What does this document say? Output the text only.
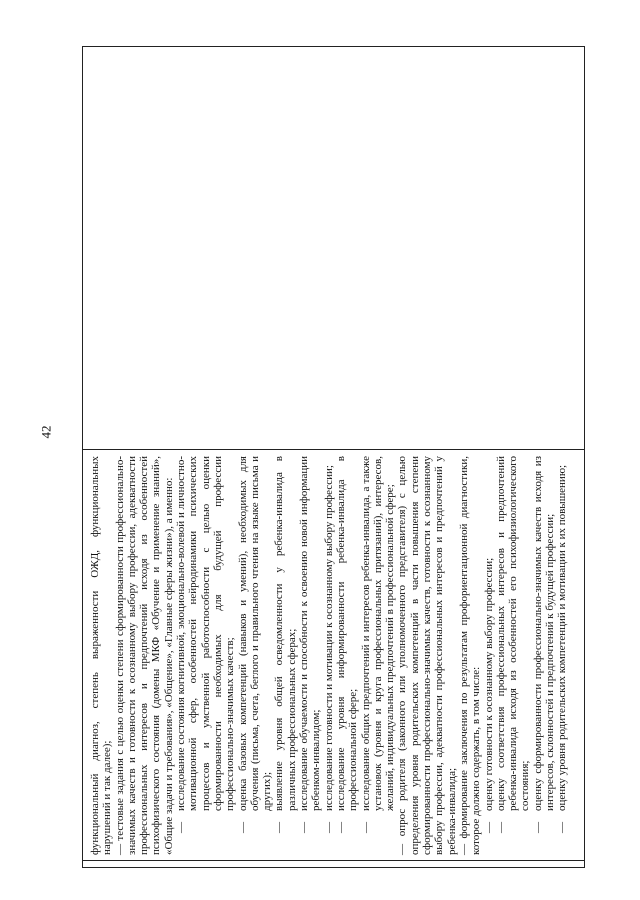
42

функциональный диагноз, степень выраженности ОЖД, функциональных нарушений и так далее); — тестовые задания с целью оценки степени сформированности профессионально-значимых качеств и готовности к осознанному выбору профессии, адекватности профессиональных интересов и предпочтений исходя из особенностей психофизического состояния (домены МКФ «Обучение и применение знаний», «Общие задачи и требования», «Общение», «Главные сферы жизни»), а именно: —
исследование состояния когнитивной, эмоционально-волевой и личностно-мотивационной сфер, особенностей нейродинамики психических процессов и умственной работоспособности с целью оценки сформированности необходимых для будущей профессии профессионально-значимых качеств;
—
оценка базовых компетенций (навыков и умений), необходимых для обучения (письма, счета, беглого и правильного чтения на языке письма и других);
—
выявление уровня общей осведомленности у ребенка-инвалида в различных профессиональных сферах;
—
исследование обучаемости и способности к освоению новой информации ребенком-инвалидом;
—
исследование готовности и мотивации к осознанному выбору профессии;
—
исследование уровня информированности ребенка-инвалида в профессиональной сфере;
—
исследование общих предпочтений и интересов ребенка-инвалида, а также установок (уровня и круга профессиональных притязаний), интересов, желаний, индивидуальных предпочтений в профессиональной сфере; — опрос родителя (законного или уполномоченного представителя) с целью определения уровня родительских компетенций в части повышения степени сформированности профессионально-значимых качеств, готовности к осознанному выбору профессии, адекватности профессиональных интересов и предпочтений у ребенка-инвалида; — формирование заключения по результатам профориентационной диагностики, которое должно содержать, в том числе: —
оценку готовности к осознанному выбору профессии;
—
оценку соответствия профессиональных интересов и предпочтений ребенка-инвалида исходя из особенностей его психофизиологического состояния;
—
оценку сформированности профессионально-значимых качеств исходя из интересов, склонностей и предпочтений к будущей профессии;
—
оценку уровня родительских компетенций и мотивации к их повышению;
